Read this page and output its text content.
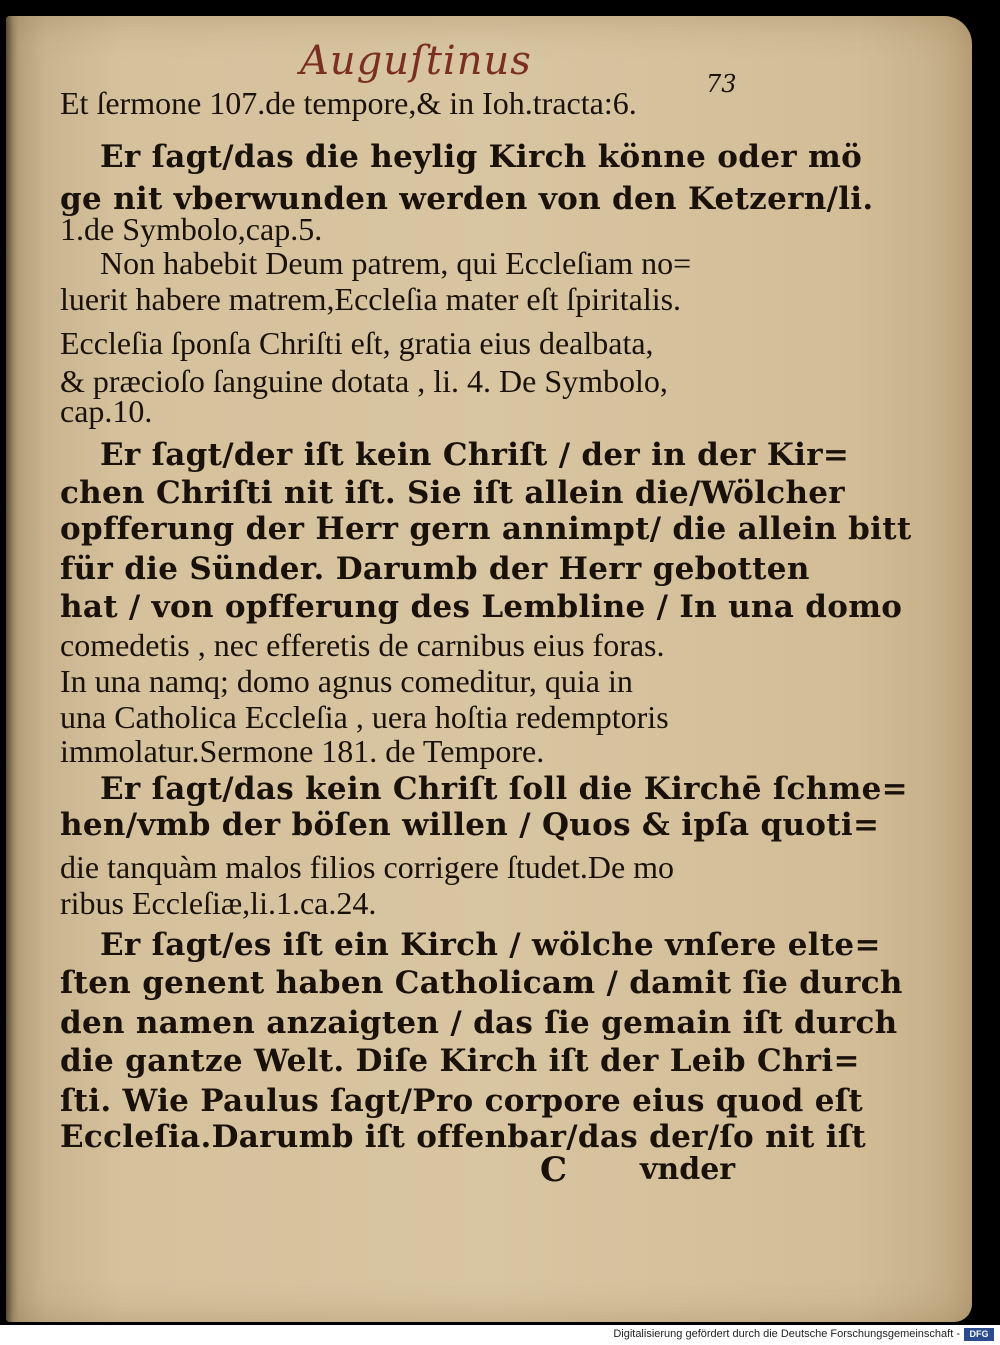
Auguſtinus	73
Et ſermone 107.de tempore,& in Ioh.tracta:6.
Er ſagt/das die heylig Kirch könne oder mö
ge nit vberwunden werden von den Ketzern/li.
1.de Symbolo,cap.5.
Non habebit Deum patrem, qui Eccleſiam no=
luerit habere matrem,Eccleſia mater eſt ſpiritalis.
Eccleſia ſponſa Chriſti eſt, gratia eius dealbata,
& præcioſo ſanguine dotata , li. 4. De Symbolo,
cap.10.
Er ſagt/der iſt kein Chriſt / der in der Kir=
chen Chriſti nit iſt. Sie iſt allein die/Wölcher
opfferung der Herr gern annimpt/ die allein bitt
für die Sünder. Darumb der Herr gebotten
hat / von opfferung des Lembline / In una domo
comedetis , nec efferetis de carnibus eius foras.
In una namq; domo agnus comeditur, quia in
una Catholica Eccleſia , uera hoſtia redemptoris
immolatur.Sermone 181. de Tempore.
Er ſagt/das kein Chriſt ſoll die Kirchē ſchme=
hen/vmb der böſen willen / Quos & ipſa quoti=
die tanquàm malos filios corrigere ſtudet.De mo
ribus Eccleſiæ,li.1.ca.24.
Er ſagt/es iſt ein Kirch / wölche vnſere elte=
ſten genent haben Catholicam / damit ſie durch
den namen anzaigten / das ſie gemain iſt durch
die gantze Welt. Diſe Kirch iſt der Leib Chri=
ſti. Wie Paulus ſagt/Pro corpore eius quod eſt
Eccleſia.Darumb iſt offenbar/das der/ſo nit iſt
C vnder
Digitalisierung gefördert durch die Deutsche Forschungsgemeinschaft -	DFG
